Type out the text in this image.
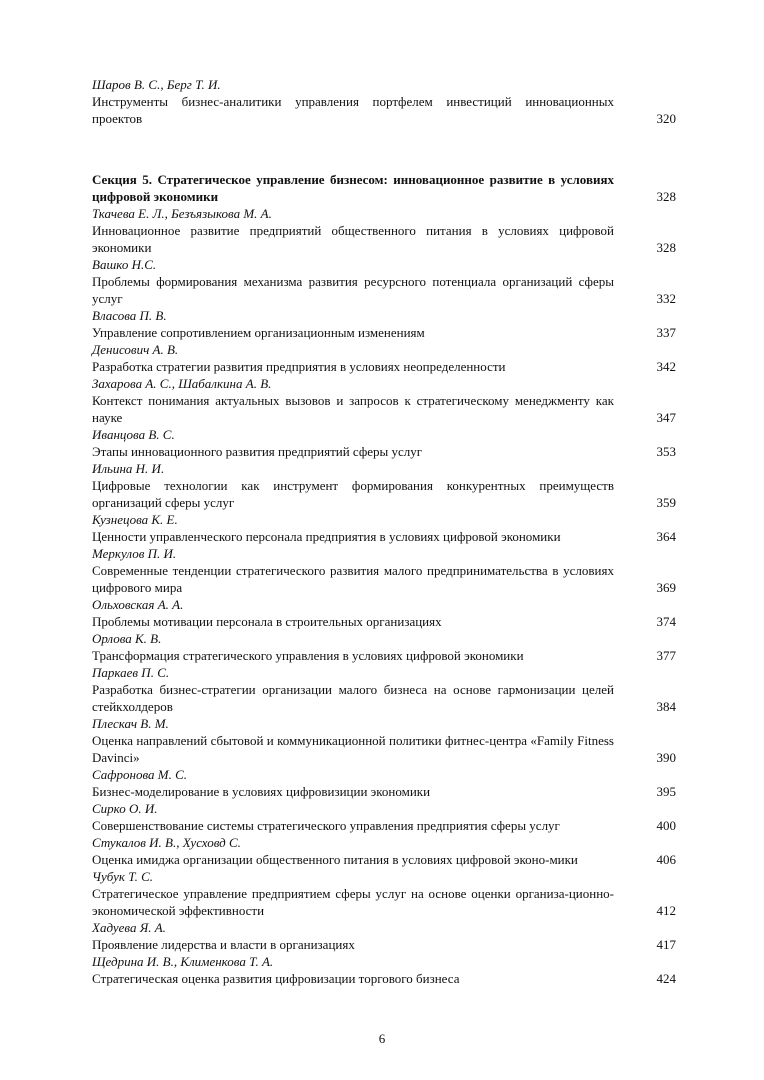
Шаров В. С., Берг Т. И.
Инструменты бизнес-аналитики управления портфелем инвестиций инновационных проектов	320
Секция 5. Стратегическое управление бизнесом: инновационное развитие в условиях цифровой экономики	328
Ткачева Е. Л., Безъязыкова М. А.
Инновационное развитие предприятий общественного питания в условиях цифровой экономики	328
Вашко Н.С.
Проблемы формирования механизма развития ресурсного потенциала организаций сферы услуг	332
Власова П. В.
Управление сопротивлением организационным изменениям	337
Денисович А. В.
Разработка стратегии развития предприятия в условиях неопределенности	342
Захарова А. С., Шабалкина А. В.
Контекст понимания актуальных вызовов и запросов к стратегическому менеджменту как науке	347
Иванцова В. С.
Этапы инновационного развития предприятий сферы услуг	353
Ильина Н. И.
Цифровые технологии как инструмент формирования конкурентных преимуществ организаций сферы услуг	359
Кузнецова К. Е.
Ценности управленческого персонала предприятия в условиях цифровой экономики	364
Меркулов П. И.
Современные тенденции стратегического развития малого предпринимательства в условиях цифрового мира	369
Ольховская А. А.
Проблемы мотивации персонала в строительных организациях	374
Орлова К. В.
Трансформация стратегического управления в условиях цифровой экономики	377
Паркаев П. С.
Разработка бизнес-стратегии организации малого бизнеса на основе гармонизации целей стейкхолдеров	384
Плескач В. М.
Оценка направлений сбытовой и коммуникационной политики фитнес-центра «Family Fitness Davinci»	390
Сафронова М. С.
Бизнес-моделирование в условиях цифровизиции экономики	395
Сирко О. И.
Совершенствование системы стратегического управления предприятия сферы услуг	400
Стукалов И. В., Хусховд С.
Оценка имиджа организации общественного питания в условиях цифровой эконо-мики	406
Чубук Т. С.
Стратегическое управление предприятием сферы услуг на основе оценки организа-ционно-экономической эффективности	412
Хадуева Я. А.
Проявление лидерства и власти в организациях	417
Щедрина И. В., Клименкова Т. А.
Стратегическая оценка развития цифровизации торгового бизнеса	424
6
